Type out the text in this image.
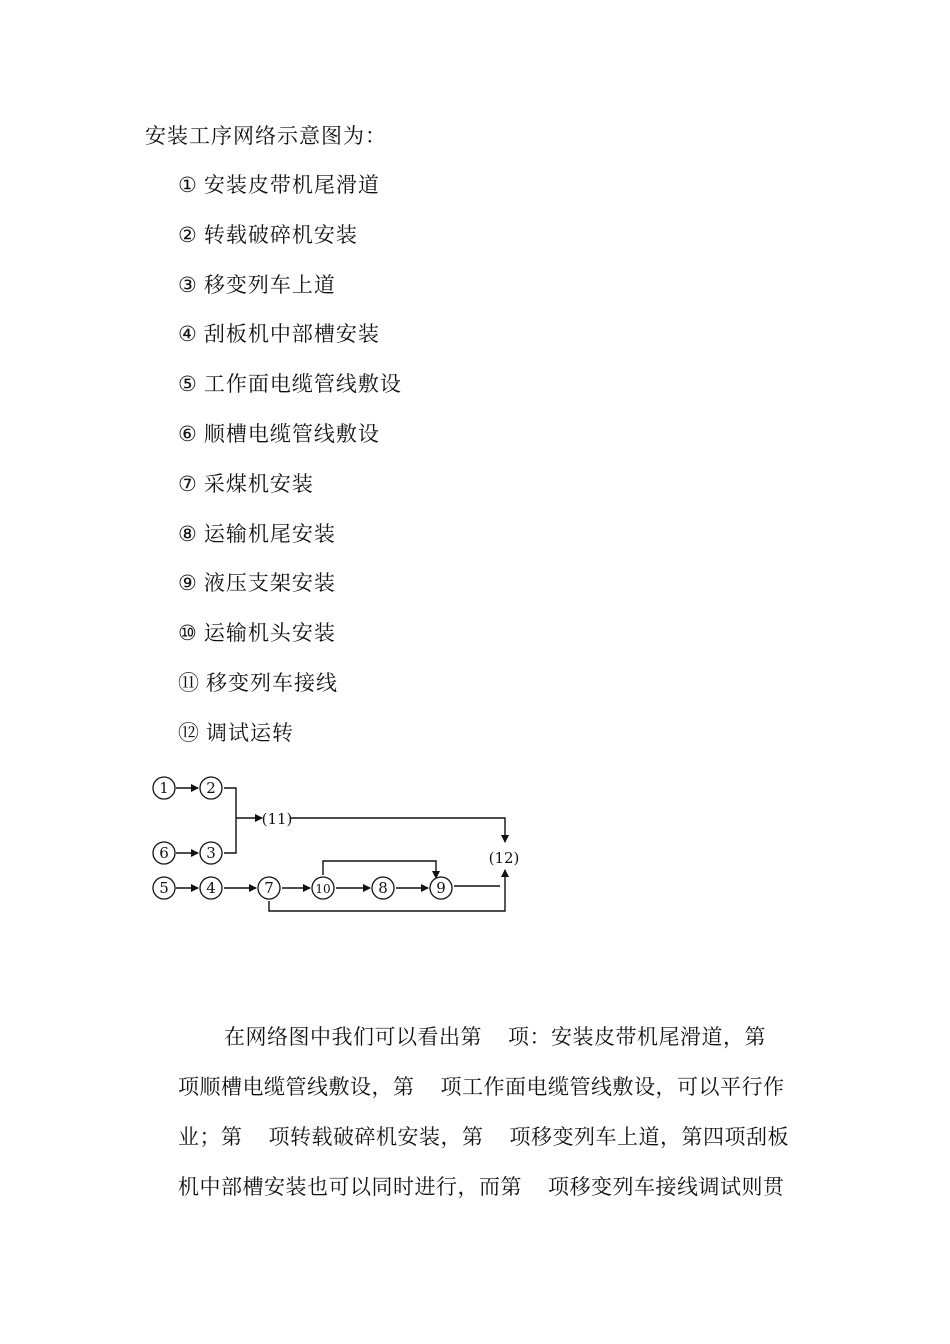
安装工序网络示意图为：
① 安装皮带机尾滑道
② 转载破碎机安装
③ 移变列车上道
④ 刮板机中部槽安装
⑤ 工作面电缆管线敷设
⑥ 顺槽电缆管线敷设
⑦ 采煤机安装
⑧ 运输机尾安装
⑨ 液压支架安装
⑩ 运输机头安装
⑪ 移变列车接线
⑫ 调试运转
1 2
6 3
5 4	7	10	8	9
(11)
(12)
在网络图中我们可以看出第 项：安装皮带机尾滑道，第
项顺槽电缆管线敷设，第 项工作面电缆管线敷设，可以平行作
业；第 项转载破碎机安装，第 项移变列车上道，第四项刮板
机中部槽安装也可以同时进行，而第 项移变列车接线调试则贯
